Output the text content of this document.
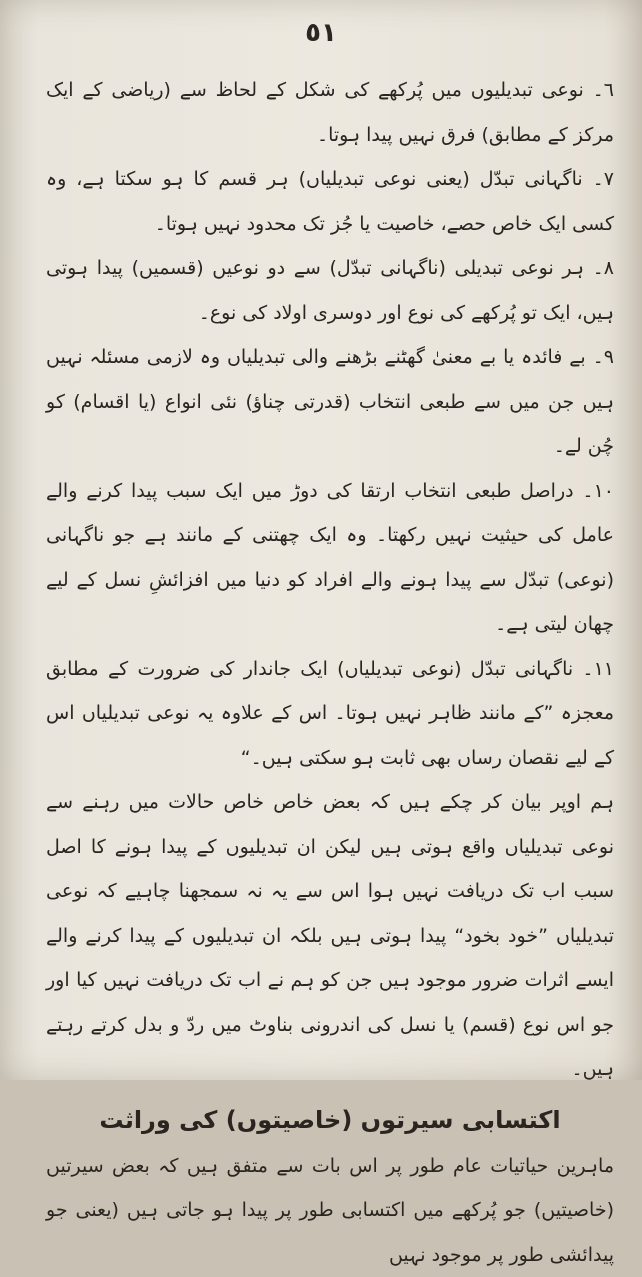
٥١

٦۔ نوعی تبدیلیوں میں پُرکھے کی شکل کے لحاظ سے (ریاضی کے ایک مرکز کے مطابق) فرق نہیں پیدا ہوتا۔

٧۔ ناگہانی تبدّل (یعنی نوعی تبدیلیاں) ہر قسم کا ہو سکتا ہے، وہ کسی ایک خاص حصے، خاصیت یا جُز تک محدود نہیں ہوتا۔

٨۔ ہر نوعی تبدیلی (ناگہانی تبدّل) سے دو نوعیں (قسمیں) پیدا ہوتی ہیں، ایک تو پُرکھے کی نوع اور دوسری اولاد کی نوع۔

٩۔ بے فائدہ یا بے معنیٰ گھٹنے بڑھنے والی تبدیلیاں وہ لازمی مسئلہ نہیں ہیں جن میں سے طبعی انتخاب (قدرتی چناؤ) نئی انواع (یا اقسام) کو چُن لے۔

١٠۔ دراصل طبعی انتخاب ارتقا کی دوڑ میں ایک سبب پیدا کرنے والے عامل کی حیثیت نہیں رکھتا۔ وہ ایک چھتنی کے مانند ہے جو ناگہانی (نوعی) تبدّل سے پیدا ہونے والے افراد کو دنیا میں افزائشِ نسل کے لیے چھان لیتی ہے۔

١١۔ ناگہانی تبدّل (نوعی تبدیلیاں) ایک جاندار کی ضرورت کے مطابق معجزہ ”کے مانند ظاہر نہیں ہوتا۔ اس کے علاوہ یہ نوعی تبدیلیاں اس کے لیے نقصان رساں بھی ثابت ہو سکتی ہیں۔“

ہم اوپر بیان کر چکے ہیں کہ بعض خاص خاص حالات میں رہنے سے نوعی تبدیلیاں واقع ہوتی ہیں لیکن ان تبدیلیوں کے پیدا ہونے کا اصل سبب اب تک دریافت نہیں ہوا اس سے یہ نہ سمجھنا چاہیے کہ نوعی تبدیلیاں ”خود بخود“ پیدا ہوتی ہیں بلکہ ان تبدیلیوں کے پیدا کرنے والے ایسے اثرات ضرور موجود ہیں جن کو ہم نے اب تک دریافت نہیں کیا اور جو اس نوع (قسم) یا نسل کی اندرونی بناوٹ میں ردّ و بدل کرتے رہتے ہیں۔

اکتسابی سیرتوں (خاصیتوں) کی وراثت

ماہرین حیاتیات عام طور پر اس بات سے متفق ہیں کہ بعض سیرتیں (خاصیتیں) جو پُرکھے میں اکتسابی طور پر پیدا ہو جاتی ہیں (یعنی جو پیدائشی طور پر موجود نہیں
